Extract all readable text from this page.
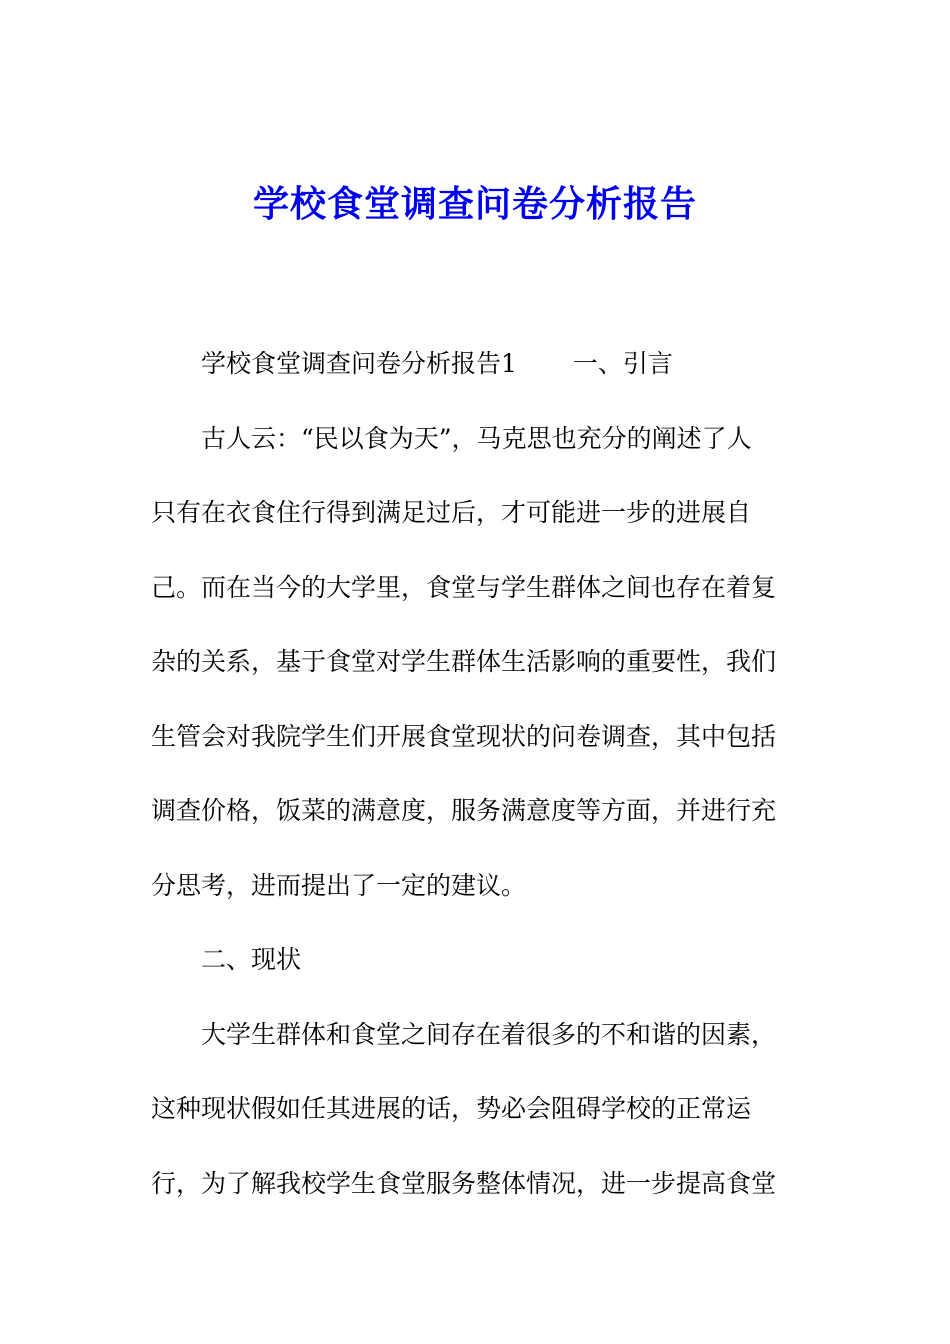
学校食堂调查问卷分析报告
学校食堂调查问卷分析报告1 一、引言
古人云：“民以食为天”，马克思也充分的阐述了人
只有在衣食住行得到满足过后，才可能进一步的进展自
己。而在当今的大学里，食堂与学生群体之间也存在着复
杂的关系，基于食堂对学生群体生活影响的重要性，我们
生管会对我院学生们开展食堂现状的问卷调查，其中包括
调查价格，饭菜的满意度，服务满意度等方面，并进行充
分思考，进而提出了一定的建议。
二、现状
大学生群体和食堂之间存在着很多的不和谐的因素，
这种现状假如任其进展的话，势必会阻碍学校的正常运
行，为了解我校学生食堂服务整体情况，进一步提高食堂
